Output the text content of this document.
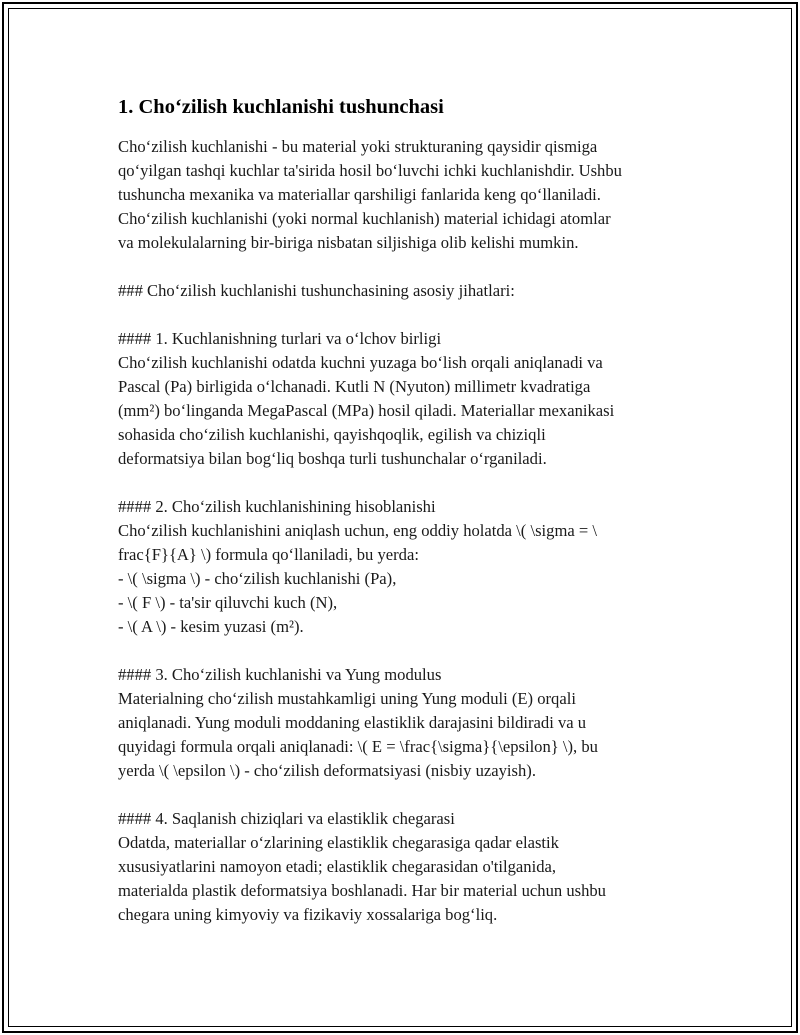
1. Cho‘zilish kuchlanishi tushunchasi
Cho‘zilish kuchlanishi - bu material yoki strukturaning qaysidir qismiga
qo‘yilgan tashqi kuchlar ta'sirida hosil bo‘luvchi ichki kuchlanishdir. Ushbu
tushuncha mexanika va materiallar qarshiligi fanlarida keng qo‘llaniladi.
Cho‘zilish kuchlanishi (yoki normal kuchlanish) material ichidagi atomlar
va molekulalarning bir-biriga nisbatan siljishiga olib kelishi mumkin.
### Cho‘zilish kuchlanishi tushunchasining asosiy jihatlari:
#### 1. Kuchlanishning turlari va o‘lchov birligi
Cho‘zilish kuchlanishi odatda kuchni yuzaga bo‘lish orqali aniqlanadi va
Pascal (Pa) birligida o‘lchanadi. Kutli N (Nyuton) millimetr kvadratiga
(mm²) bo‘linganda MegaPascal (MPa) hosil qiladi. Materiallar mexanikasi
sohasida cho‘zilish kuchlanishi, qayishqoqlik, egilish va chiziqli
deformatsiya bilan bog‘liq boshqa turli tushunchalar o‘rganiladi.
#### 2. Cho‘zilish kuchlanishining hisoblanishi
Cho‘zilish kuchlanishini aniqlash uchun, eng oddiy holatda \( \sigma = \
frac{F}{A} \) formula qo‘llaniladi, bu yerda:
- \( \sigma \) - cho‘zilish kuchlanishi (Pa),
- \( F \) - ta'sir qiluvchi kuch (N),
- \( A \) - kesim yuzasi (m²).
#### 3. Cho‘zilish kuchlanishi va Yung modulus
Materialning cho‘zilish mustahkamligi uning Yung moduli (E) orqali
aniqlanadi. Yung moduli moddaning elastiklik darajasini bildiradi va u
quyidagi formula orqali aniqlanadi: \( E = \frac{\sigma}{\epsilon} \), bu
yerda \( \epsilon \) - cho‘zilish deformatsiyasi (nisbiy uzayish).
#### 4. Saqlanish chiziqlari va elastiklik chegarasi
Odatda, materiallar o‘zlarining elastiklik chegarasiga qadar elastik
xususiyatlarini namoyon etadi; elastiklik chegarasidan o'tilganida,
materialda plastik deformatsiya boshlanadi. Har bir material uchun ushbu
chegara uning kimyoviy va fizikaviy xossalariga bog‘liq.
